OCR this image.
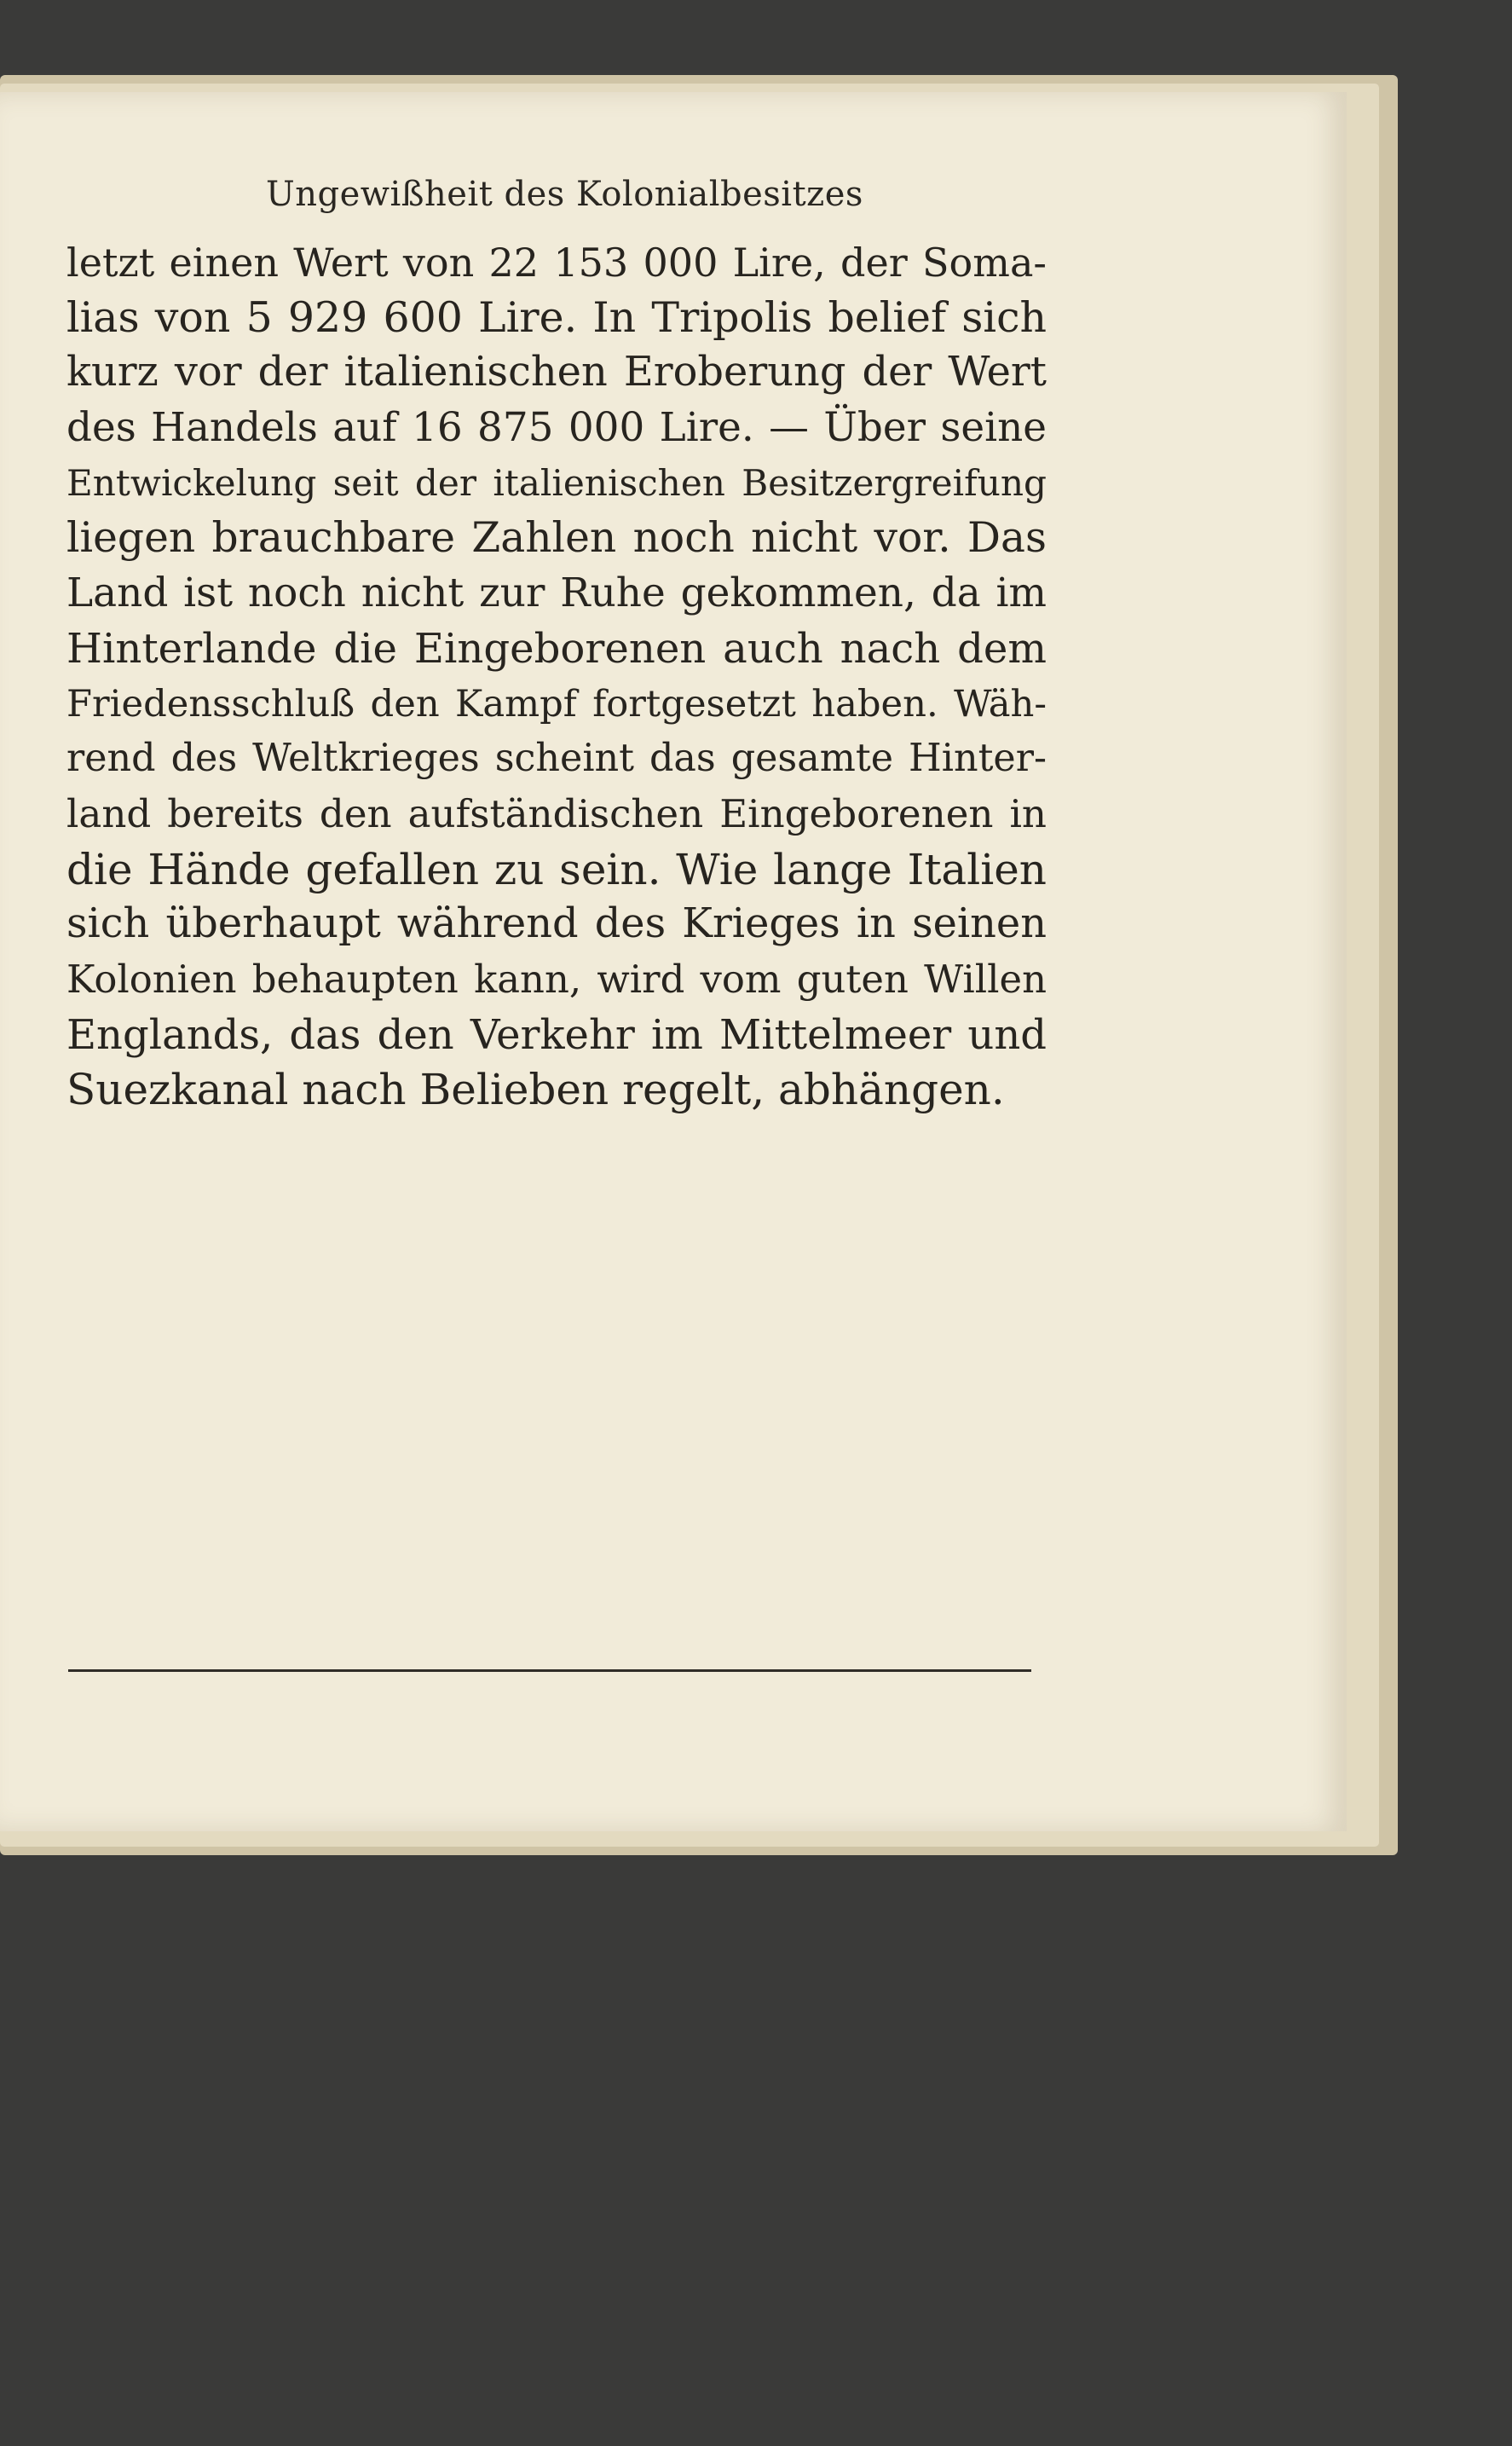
Ungewißheit des Kolonialbesitzes
letzt einen Wert von 22 153 000 Lire, der Soma-
lias von 5 929 600 Lire. In Tripolis belief sich
kurz vor der italienischen Eroberung der Wert
des Handels auf 16 875 000 Lire. — Über seine
Entwickelung seit der italienischen Besitzergreifung
liegen brauchbare Zahlen noch nicht vor. Das
Land ist noch nicht zur Ruhe gekommen, da im
Hinterlande die Eingeborenen auch nach dem
Friedensschluß den Kampf fortgesetzt haben. Wäh-
rend des Weltkrieges scheint das gesamte Hinter-
land bereits den aufständischen Eingeborenen in
die Hände gefallen zu sein. Wie lange Italien
sich überhaupt während des Krieges in seinen
Kolonien behaupten kann, wird vom guten Willen
Englands, das den Verkehr im Mittelmeer und
Suezkanal nach Belieben regelt, abhängen.
